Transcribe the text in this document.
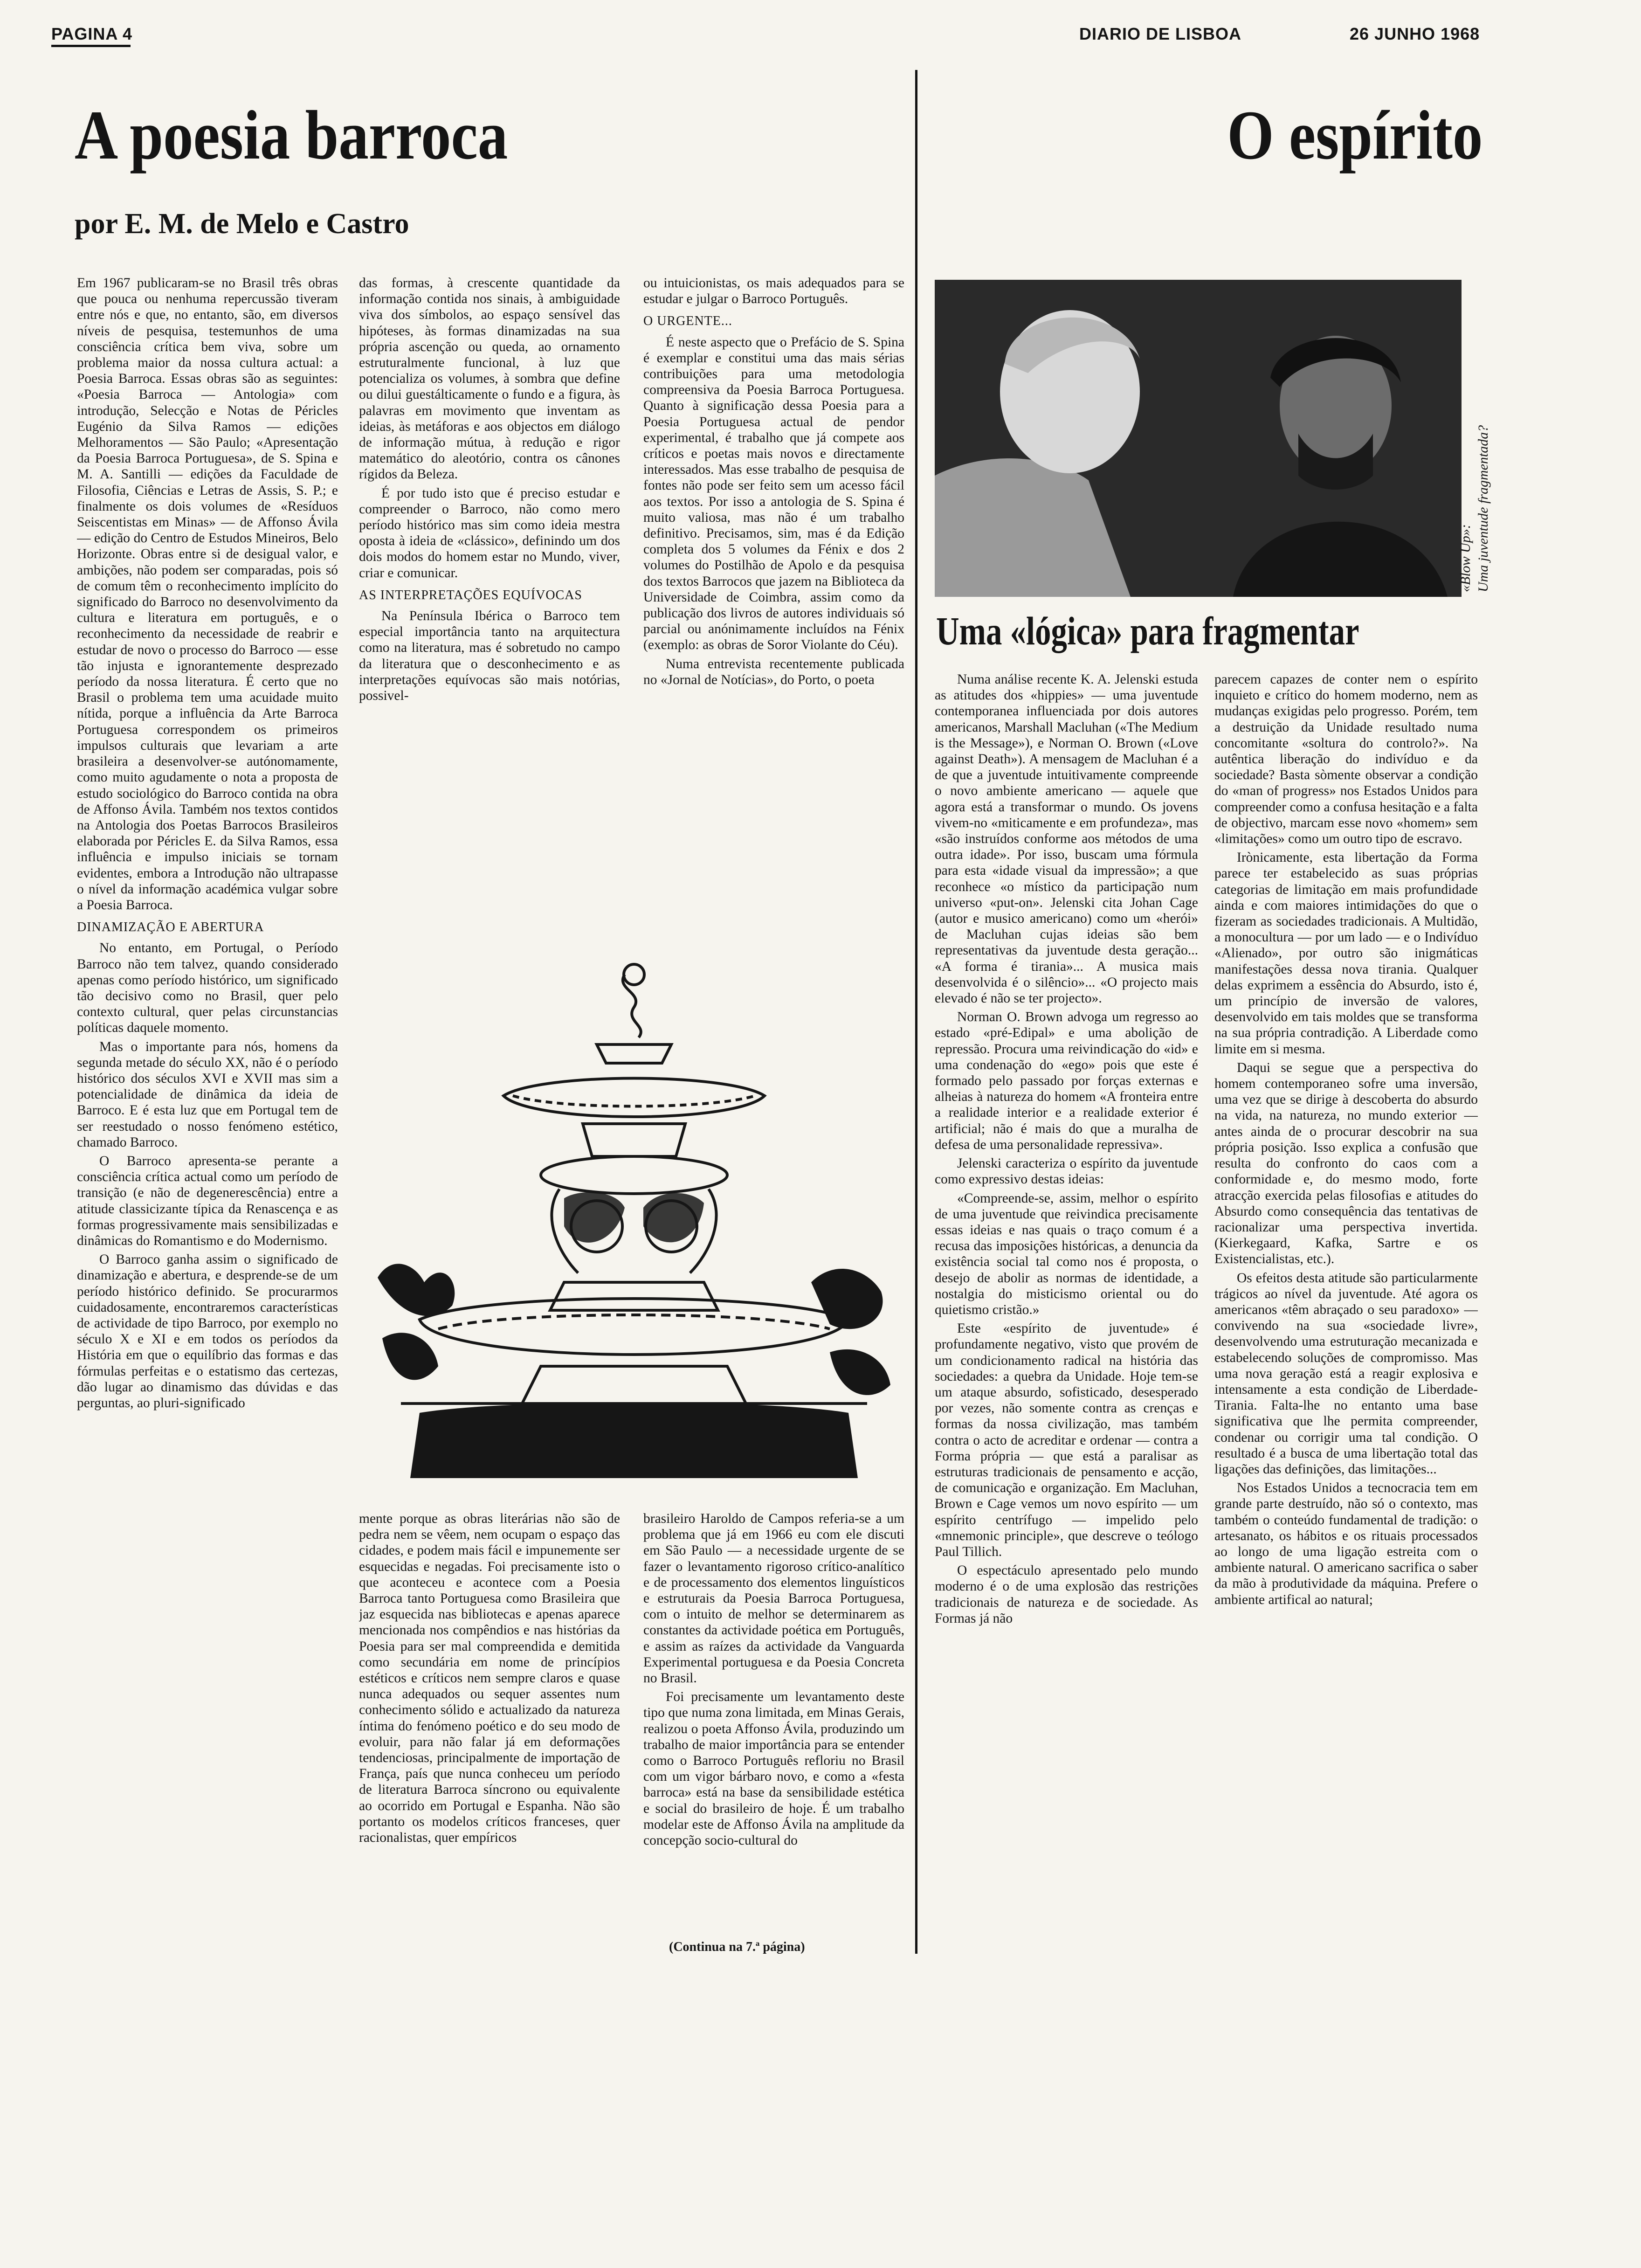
PAGINA 4	DIARIO DE LISBOA	26 JUNHO 1968
A poesia barroca
por E. M. de Melo e Castro

Em 1967 publicaram-se no Brasil três obras que pouca ou nenhuma repercussão tiveram entre nós e que, no entanto, são, em diversos níveis de pesquisa, testemunhos de uma consciência crítica bem viva, sobre um problema maior da nossa cultura actual: a Poesia Barroca. Essas obras são as seguintes: «Poesia Barroca — Antologia» com introdução, Selecção e Notas de Péricles Eugénio da Silva Ramos — edições Melhoramentos — São Paulo; «Apresentação da Poesia Barroca Portuguesa», de S. Spina e M. A. Santilli — edições da Faculdade de Filosofia, Ciências e Letras de Assis, S. P.; e finalmente os dois volumes de «Resíduos Seiscentistas em Minas» — de Affonso Ávila — edição do Centro de Estudos Mineiros, Belo Horizonte. Obras entre si de desigual valor, e ambições, não podem ser comparadas, pois só de comum têm o reconhecimento implícito do significado do Barroco no desenvolvimento da cultura e literatura em português, e o reconhecimento da necessidade de reabrir e estudar de novo o processo do Barroco — esse tão injusta e ignorantemente desprezado período da nossa literatura. É certo que no Brasil o problema tem uma acuidade muito nítida, porque a influência da Arte Barroca Portuguesa correspondem os primeiros impulsos culturais que levariam a arte brasileira a desenvolver-se autónomamente, como muito agudamente o nota a proposta de estudo sociológico do Barroco contida na obra de Affonso Ávila. Também nos textos contidos na Antologia dos Poetas Barrocos Brasileiros elaborada por Péricles E. da Silva Ramos, essa influência e impulso iniciais se tornam evidentes, embora a Introdução não ultrapasse o nível da informação académica vulgar sobre a Poesia Barroca.

DINAMIZAÇÃO E ABERTURA

No entanto, em Portugal, o Período Barroco não tem talvez, quando considerado apenas como período histórico, um significado tão decisivo como no Brasil, quer pelo contexto cultural, quer pelas circunstancias políticas daquele momento.

Mas o importante para nós, homens da segunda metade do século XX, não é o período histórico dos séculos XVI e XVII mas sim a potencialidade de dinâmica da ideia de Barroco. E é esta luz que em Portugal tem de ser reestudado o nosso fenómeno estético, chamado Barroco.

O Barroco apresenta-se perante a consciência crítica actual como um período de transição (e não de degenerescência) entre a atitude classicizante típica da Renascença e as formas progressivamente mais sensibilizadas e dinâmicas do Romantismo e do Modernismo.

O Barroco ganha assim o significado de dinamização e abertura, e desprende-se de um período histórico definido. Se procurarmos cuidadosamente, encontraremos características de actividade de tipo Barroco, por exemplo no século X e XI e em todos os períodos da História em que o equilíbrio das formas e das fórmulas perfeitas e o estatismo das certezas, dão lugar ao dinamismo das dúvidas e das perguntas, ao pluri-significado

das formas, à crescente quantidade da informação contida nos sinais, à ambiguidade viva dos símbolos, ao espaço sensível das hipóteses, às formas dinamizadas na sua própria ascenção ou queda, ao ornamento estruturalmente funcional, à luz que potencializa os volumes, à sombra que define ou dilui guestálticamente o fundo e a figura, às palavras em movimento que inventam as ideias, às metáforas e aos objectos em diálogo de informação mútua, à redução e rigor matemático do aleotório, contra os cânones rígidos da Beleza.

É por tudo isto que é preciso estudar e compreender o Barroco, não como mero período histórico mas sim como ideia mestra oposta à ideia de «clássico», definindo um dos dois modos do homem estar no Mundo, viver, criar e comunicar.

AS INTERPRETAÇÕES EQUÍVOCAS

Na Península Ibérica o Barroco tem especial importância tanto na arquitectura como na literatura, mas é sobretudo no campo da literatura que o desconhecimento e as interpretações equívocas são mais notórias, possivel-

ou intuicionistas, os mais adequados para se estudar e julgar o Barroco Português.

O URGENTE...

É neste aspecto que o Prefácio de S. Spina é exemplar e constitui uma das mais sérias contribuições para uma metodologia compreensiva da Poesia Barroca Portuguesa. Quanto à significação dessa Poesia para a Poesia Portuguesa actual de pendor experimental, é trabalho que já compete aos críticos e poetas mais novos e directamente interessados. Mas esse trabalho de pesquisa de fontes não pode ser feito sem um acesso fácil aos textos. Por isso a antologia de S. Spina é muito valiosa, mas não é um trabalho definitivo. Precisamos, sim, mas é da Edição completa dos 5 volumes da Fénix e dos 2 volumes do Postilhão de Apolo e da pesquisa dos textos Barrocos que jazem na Biblioteca da Universidade de Coimbra, assim como da publicação dos livros de autores individuais só parcial ou anónimamente incluídos na Fénix (exemplo: as obras de Soror Violante do Céu).

Numa entrevista recentemente publicada no «Jornal de Notícias», do Porto, o poeta

mente porque as obras literárias não são de pedra nem se vêem, nem ocupam o espaço das cidades, e podem mais fácil e impunemente ser esquecidas e negadas. Foi precisamente isto o que aconteceu e acontece com a Poesia Barroca tanto Portuguesa como Brasileira que jaz esquecida nas bibliotecas e apenas aparece mencionada nos compêndios e nas histórias da Poesia para ser mal compreendida e demitida como secundária em nome de princípios estéticos e críticos nem sempre claros e quase nunca adequados ou sequer assentes num conhecimento sólido e actualizado da natureza íntima do fenómeno poético e do seu modo de evoluir, para não falar já em deformações tendenciosas, principalmente de importação de França, país que nunca conheceu um período de literatura Barroca síncrono ou equivalente ao ocorrido em Portugal e Espanha. Não são portanto os modelos críticos franceses, quer racionalistas, quer empíricos

brasileiro Haroldo de Campos referia-se a um problema que já em 1966 eu com ele discuti em São Paulo — a necessidade urgente de se fazer o levantamento rigoroso crítico-analítico e de processamento dos elementos linguísticos e estruturais da Poesia Barroca Portuguesa, com o intuito de melhor se determinarem as constantes da actividade poética em Português, e assim as raízes da actividade da Vanguarda Experimental portuguesa e da Poesia Concreta no Brasil.

Foi precisamente um levantamento deste tipo que numa zona limitada, em Minas Gerais, realizou o poeta Affonso Ávila, produzindo um trabalho de maior importância para se entender como o Barroco Português refloriu no Brasil com um vigor bárbaro novo, e como a «festa barroca» está na base da sensibilidade estética e social do brasileiro de hoje. É um trabalho modelar este de Affonso Ávila na amplitude da concepção socio-cultural do

(Continua na 7.ª página)
O espírito
«Blow Up»: Uma juventude fragmentada?
Uma «lógica» para fragmentar

Numa análise recente K. A. Jelenski estuda as atitudes dos «hippies» — uma juventude contemporanea influenciada por dois autores americanos, Marshall Macluhan («The Medium is the Message»), e Norman O. Brown («Love against Death»). A mensagem de Macluhan é a de que a juventude intuitivamente compreende o novo ambiente americano — aquele que agora está a transformar o mundo. Os jovens vivem-no «miticamente e em profundeza», mas «são instruídos conforme aos métodos de uma outra idade». Por isso, buscam uma fórmula para esta «idade visual da impressão»; a que reconhece «o místico da participação num universo «put-on». Jelenski cita Johan Cage (autor e musico americano) como um «herói» de Macluhan cujas ideias são bem representativas da juventude desta geração... «A forma é tirania»... A musica mais desenvolvida é o silêncio»... «O projecto mais elevado é não se ter projecto».

Norman O. Brown advoga um regresso ao estado «pré-Edipal» e uma abolição de repressão. Procura uma reivindicação do «id» e uma condenação do «ego» pois que este é formado pelo passado por forças externas e alheias à natureza do homem «A fronteira entre a realidade interior e a realidade exterior é artificial; não é mais do que a muralha de defesa de uma personalidade repressiva».

Jelenski caracteriza o espírito da juventude como expressivo destas ideias:

«Compreende-se, assim, melhor o espírito de uma juventude que reivindica precisamente essas ideias e nas quais o traço comum é a recusa das imposições históricas, a denuncia da existência social tal como nos é proposta, o desejo de abolir as normas de identidade, a nostalgia do misticismo oriental ou do quietismo cristão.»

Este «espírito de juventude» é profundamente negativo, visto que provém de um condicionamento radical na história das sociedades: a quebra da Unidade. Hoje tem-se um ataque absurdo, sofisticado, desesperado por vezes, não somente contra as crenças e formas da nossa civilização, mas também contra o acto de acreditar e ordenar — contra a Forma própria — que está a paralisar as estruturas tradicionais de pensamento e acção, de comunicação e organização. Em Macluhan, Brown e Cage vemos um novo espírito — um espírito centrífugo — impelido pelo «mnemonic principle», que descreve o teólogo Paul Tillich.

O espectáculo apresentado pelo mundo moderno é o de uma explosão das restrições tradicionais de natureza e de sociedade. As Formas já não

parecem capazes de conter nem o espírito inquieto e crítico do homem moderno, nem as mudanças exigidas pelo progresso. Porém, tem a destruição da Unidade resultado numa concomitante «soltura do controlo?». Na autêntica liberação do indivíduo e da sociedade? Basta sòmente observar a condição do «man of progress» nos Estados Unidos para compreender como a confusa hesitação e a falta de objectivo, marcam esse novo «homem» sem «limitações» como um outro tipo de escravo.

Irònicamente, esta libertação da Forma parece ter estabelecido as suas próprias categorias de limitação em mais profundidade ainda e com maiores intimidações do que o fizeram as sociedades tradicionais. A Multidão, a monocultura — por um lado — e o Indivíduo «Alienado», por outro são inigmáticas manifestações dessa nova tirania. Qualquer delas exprimem a essência do Absurdo, isto é, um princípio de inversão de valores, desenvolvido em tais moldes que se transforma na sua própria contradição. A Liberdade como limite em si mesma.

Daqui se segue que a perspectiva do homem contemporaneo sofre uma inversão, uma vez que se dirige à descoberta do absurdo na vida, na natureza, no mundo exterior — antes ainda de o procurar descobrir na sua própria posição. Isso explica a confusão que resulta do confronto do caos com a conformidade e, do mesmo modo, forte atracção exercida pelas filosofias e atitudes do Absurdo como consequência das tentativas de racionalizar uma perspectiva invertida. (Kierkegaard, Kafka, Sartre e os Existencialistas, etc.).

Os efeitos desta atitude são particularmente trágicos ao nível da juventude. Até agora os americanos «têm abraçado o seu paradoxo» — convivendo na sua «sociedade livre», desenvolvendo uma estruturação mecanizada e estabelecendo soluções de compromisso. Mas uma nova geração está a reagir explosiva e intensamente a esta condição de Liberdade-Tirania. Falta-lhe no entanto uma base significativa que lhe permita compreender, condenar ou corrigir uma tal condição. O resultado é a busca de uma libertação total das ligações das definições, das limitações...

Nos Estados Unidos a tecnocracia tem em grande parte destruído, não só o contexto, mas também o conteúdo fundamental de tradição: o artesanato, os hábitos e os rituais processados ao longo de uma ligação estreita com o ambiente natural. O americano sacrifica o saber da mão à produtividade da máquina. Prefere o ambiente artifical ao natural;
